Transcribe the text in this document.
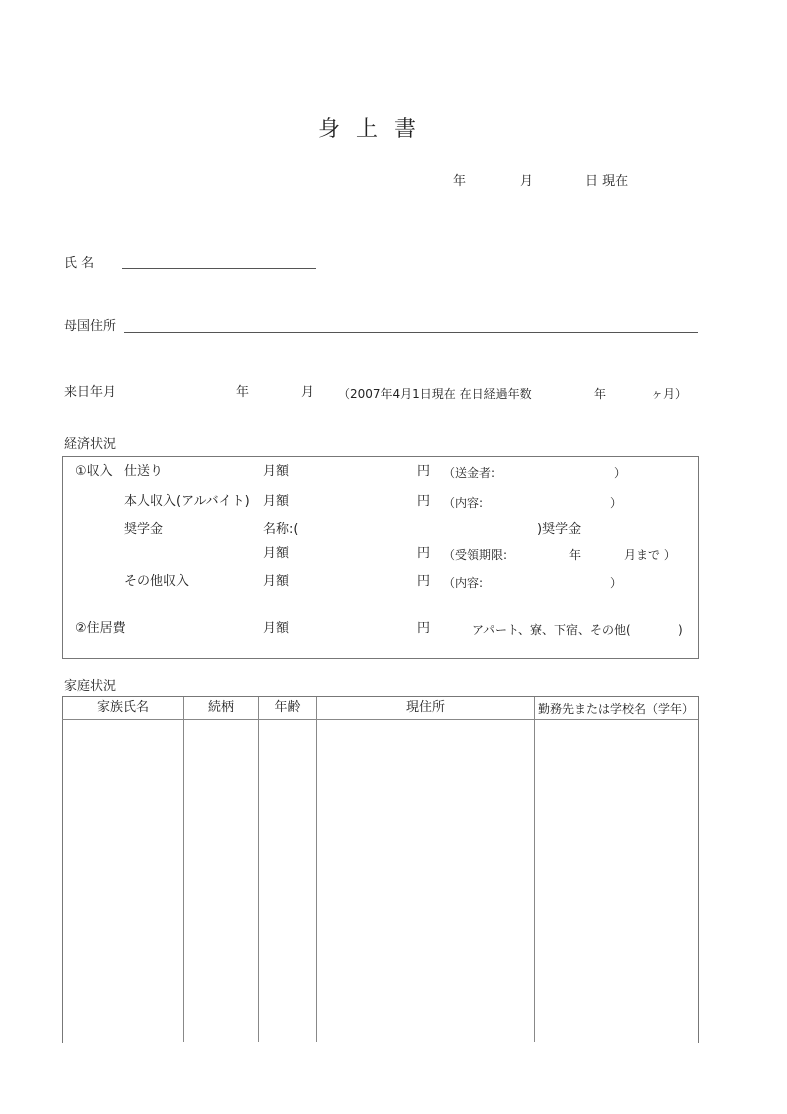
身上書
年	月	日 現在
氏 名
母国住所
来日年月	年	月 （2007年4月1日現在 在日経過年数	年	ヶ月）
経済状況
①収入 仕送り	月額	円 （送金者:	）
本人収入(アルバイト) 月額	円 （内容:	）
奨学金	名称:(	)奨学金
月額	円 （受領期限:	年	月まで ）
その他収入	月額	円 （内容:	）
②住居費	月額	円	アパート、寮、下宿、その他(	)
家庭状況
家族氏名	続柄	年齢	現住所	勤務先または学校名（学年）
